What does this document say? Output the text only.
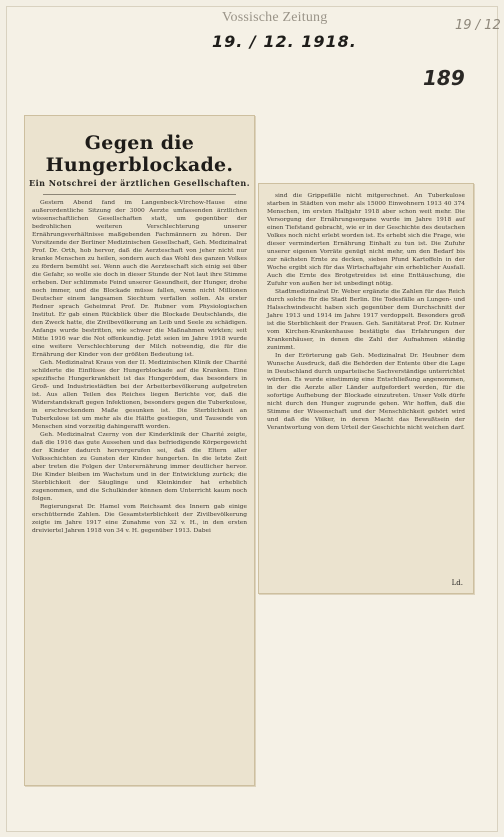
Vossische Zeitung
19. / 12. 1918.
19 / 12
189
Gegen die Hungerblockade.
Ein Notschrei der ärztlichen Gesellschaften.

Gestern Abend fand im Langenbeck-Virchow-Hause eine außerordentliche Sitzung der 3000 Aerzte umfassenden ärztlichen wissenschaftlichen Gesellschaften statt, um gegenüber der bedrohlichen weiteren Verschlechterung unserer Ernährungsverhältnisse maßgebenden Fachmännern zu hören. Der Vorsitzende der Berliner Medizinischen Gesellschaft, Geh. Medizinalrat Prof. Dr. Orth, hob hervor, daß die Aerzteschaft von jeher nicht nur kranke Menschen zu heilen, sondern auch das Wohl des ganzen Volkes zu fördern bemüht sei. Wenn auch die Aerzteschaft sich einig sei über die Gefahr, so wolle sie doch in dieser Stunde der Not laut ihre Stimme erheben. Der schlimmste Feind unserer Gesundheit, der Hunger, drohe noch immer, und die Blockade müsse fallen, wenn nicht Millionen Deutscher einem langsamen Siechtum verfallen sollen. Als erster Redner sprach Geheimrat Prof. Dr. Rubner vom Physiologischen Institut. Er gab einen Rückblick über die Blockade Deutschlands, die den Zweck hatte, die Zivilbevölkerung an Leib und Seele zu schädigen. Anfangs wurde bestritten, wie schwer die Maßnahmen wirkten; seit Mitte 1916 war die Not offenkundig. Jetzt seien im Jahre 1918 wurde eine weitere Verschlechterung der Milch notwendig, die für die Ernährung der Kinder von der größten Bedeutung ist.

Geh. Medizinalrat Kraus von der II. Medizinischen Klinik der Charité schilderte die Einflüsse der Hungerblockade auf die Kranken. Eine spezifische Hungerkrankheit ist das Hungerödem, das besonders in Groß- und Industriestädten bei der Arbeiterbevölkerung aufgetreten ist. Aus allen Teilen des Reiches liegen Berichte vor, daß die Widerstandskraft gegen Infektionen, besonders gegen die Tuberkulose, in erschreckendem Maße gesunken ist. Die Sterblichkeit an Tuberkulose ist um mehr als die Hälfte gestiegen, und Tausende von Menschen sind vorzeitig dahingerafft worden.

Geh. Medizinalrat Czerny von der Kinderklinik der Charité zeigte, daß die 1916 das gute Aussehen und das befriedigende Körpergewicht der Kinder dadurch hervorgerufen sei, daß die Eltern aller Volksschichten zu Gunsten der Kinder hungerten. In die letzte Zeit aber treten die Folgen der Unterernährung immer deutlicher hervor. Die Kinder bleiben im Wachstum und in der Entwicklung zurück; die Sterblichkeit der Säuglinge und Kleinkinder hat erheblich zugenommen, und die Schulkinder können dem Unterricht kaum noch folgen.

Regierungsrat Dr. Hamel vom Reichsamt des Innern gab einige erschütternde Zahlen. Die Gesamtsterblichkeit der Zivilbevölkerung zeigte im Jahre 1917 eine Zunahme von 32 v. H., in den ersten dreiviertel Jahren 1918 von 34 v. H. gegenüber 1913. Dabei

sind die Grippefälle nicht mitgerechnet. An Tuberkulose starben in Städten von mehr als 15000 Einwohnern 1913 40 374 Menschen, im ersten Halbjahr 1918 aber schon weit mehr. Die Versorgung der Ernährungsorgane wurde im Jahre 1918 auf einen Tiefstand gebracht, wie er in der Geschichte des deutschen Volkes noch nicht erlebt worden ist. Es erhebt sich die Frage, wie dieser verminderten Ernährung Einhalt zu tun ist. Die Zufuhr unserer eigenen Vorräte genügt nicht mehr, um den Bedarf bis zur nächsten Ernte zu decken, sieben Pfund Kartoffeln in der Woche ergibt sich für das Wirtschaftsjahr ein erheblicher Ausfall. Auch die Ernte des Brotgetreides ist eine Enttäuschung, die Zufuhr von außen her ist unbedingt nötig.

Stadtmedizinalrat Dr. Weber ergänzte die Zahlen für das Reich durch solche für die Stadt Berlin. Die Todesfälle an Lungen- und Halsschwindsucht haben sich gegenüber dem Durchschnitt der Jahre 1913 und 1914 im Jahre 1917 verdoppelt. Besonders groß ist die Sterblichkeit der Frauen. Geh. Sanitätsrat Prof. Dr. Kutner vom Kirchen-Krankenhause bestätigte das Erfahrungen der Krankenhäuser, in denen die Zahl der Aufnahmen ständig zunimmt.

In der Erörterung gab Geh. Medizinalrat Dr. Heubner dem Wunsche Ausdruck, daß die Behörden der Entente über die Lage in Deutschland durch unparteiische Sachverständige unterrichtet würden. Es wurde einstimmig eine Entschließung angenommen, in der die Aerzte aller Länder aufgefordert werden, für die sofortige Aufhebung der Blockade einzutreten. Unser Volk dürfe nicht durch den Hunger zugrunde gehen. Wir hoffen, daß die Stimme der Wissenschaft und der Menschlichkeit gehört wird und daß die Völker, in deren Macht das Bewußtsein der Verantwortung von dem Urteil der Geschichte nicht weichen darf.

Ld.
